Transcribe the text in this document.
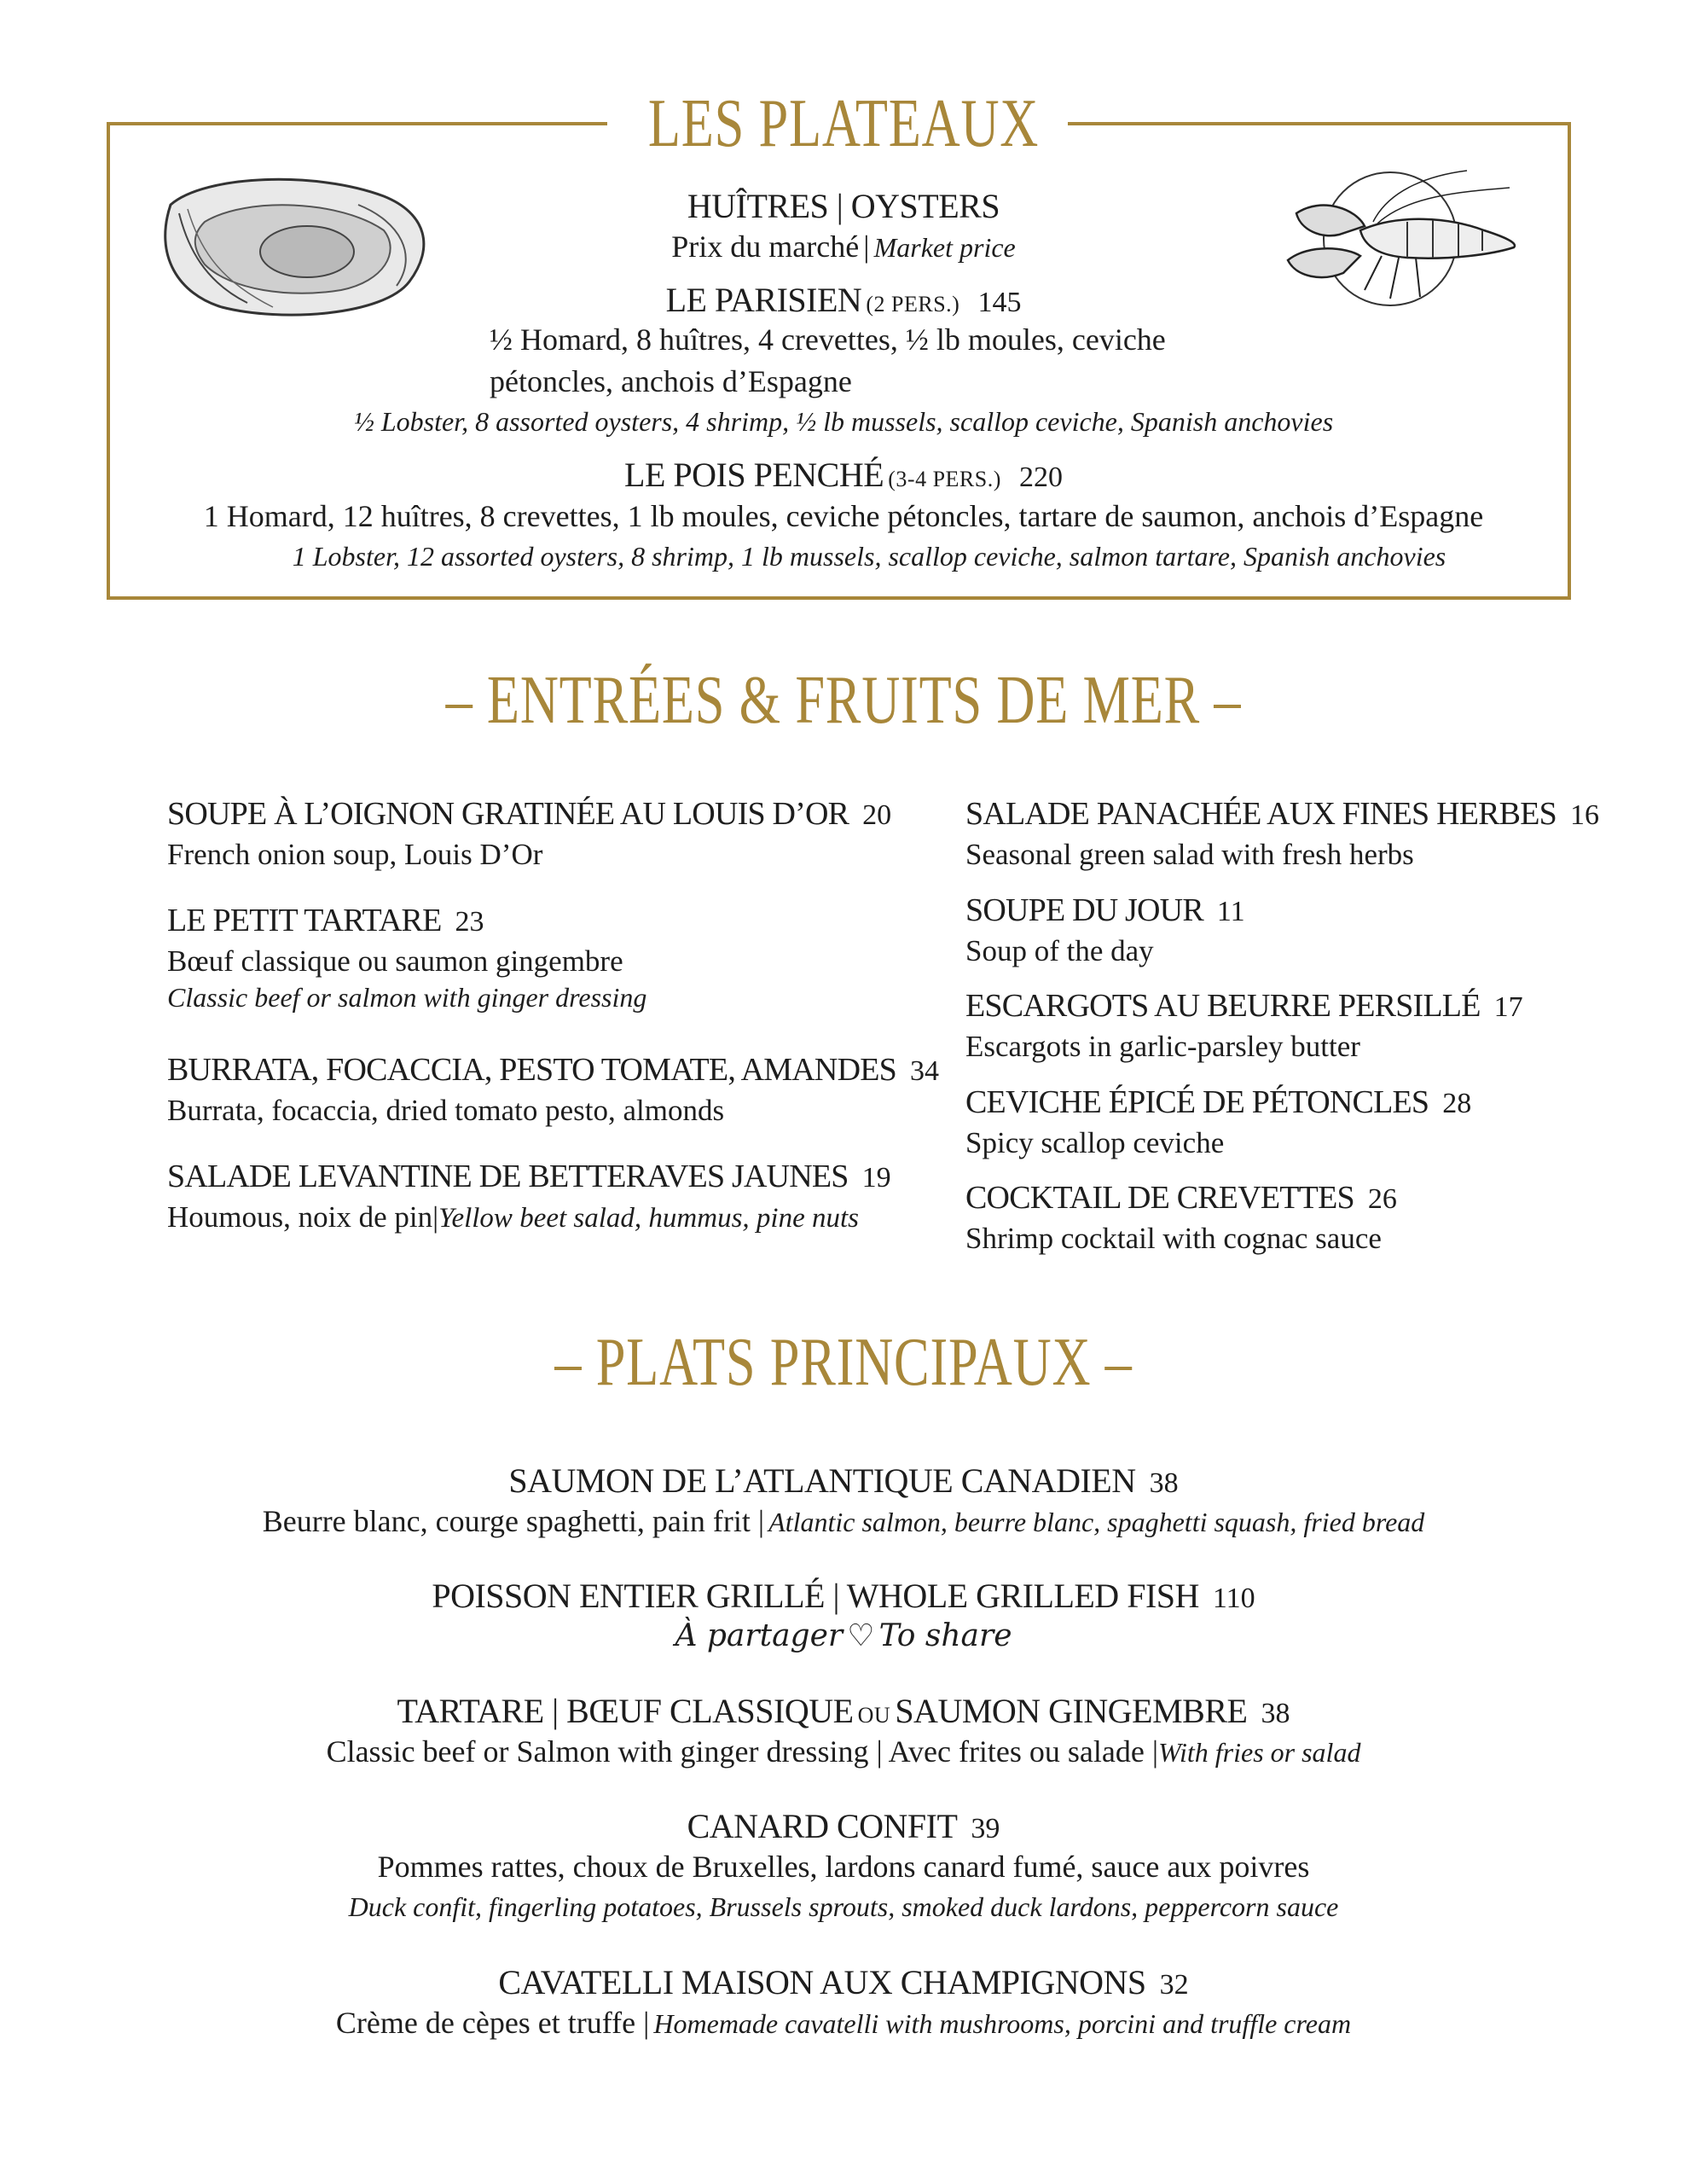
LES PLATEAUX
HUÎTRES | OYSTERS
Prix du marché | Market price
LE PARISIEN (2 PERS.) 145
½ Homard, 8 huîtres, 4 crevettes, ½ lb moules, ceviche
pétoncles, anchois d’Espagne
½ Lobster, 8 assorted oysters, 4 shrimp, ½ lb mussels, scallop ceviche, Spanish anchovies
LE POIS PENCHÉ (3-4 PERS.) 220
1 Homard, 12 huîtres, 8 crevettes, 1 lb moules, ceviche pétoncles, tartare de saumon, anchois d’Espagne
1 Lobster, 12 assorted oysters, 8 shrimp, 1 lb mussels, scallop ceviche, salmon tartare, Spanish anchovies
– ENTRÉES & FRUITS DE MER –
SOUPE À L’OIGNON GRATINÉE AU LOUIS D’OR 20
French onion soup, Louis D’Or
LE PETIT TARTARE 23
Bœuf classique ou saumon gingembre
Classic beef or salmon with ginger dressing
BURRATA, FOCACCIA, PESTO TOMATE, AMANDES 34
Burrata, focaccia, dried tomato pesto, almonds
SALADE LEVANTINE DE BETTERAVES JAUNES 19
Houmous, noix de pin|Yellow beet salad, hummus, pine nuts
SALADE PANACHÉE AUX FINES HERBES 16
Seasonal green salad with fresh herbs
SOUPE DU JOUR 11
Soup of the day
ESCARGOTS AU BEURRE PERSILLÉ 17
Escargots in garlic-parsley butter
CEVICHE ÉPICÉ DE PÉTONCLES 28
Spicy scallop ceviche
COCKTAIL DE CREVETTES 26
Shrimp cocktail with cognac sauce
– PLATS PRINCIPAUX –
SAUMON DE L’ATLANTIQUE CANADIEN 38
Beurre blanc, courge spaghetti, pain frit | Atlantic salmon, beurre blanc, spaghetti squash, fried bread
POISSON ENTIER GRILLÉ | WHOLE GRILLED FISH 110
À partager ♡ To share
TARTARE | BŒUF CLASSIQUE OU SAUMON GINGEMBRE 38
Classic beef or Salmon with ginger dressing | Avec frites ou salade |With fries or salad
CANARD CONFIT 39
Pommes rattes, choux de Bruxelles, lardons canard fumé, sauce aux poivres
Duck confit, fingerling potatoes, Brussels sprouts, smoked duck lardons, peppercorn sauce
CAVATELLI MAISON AUX CHAMPIGNONS 32
Crème de cèpes et truffe | Homemade cavatelli with mushrooms, porcini and truffle cream
